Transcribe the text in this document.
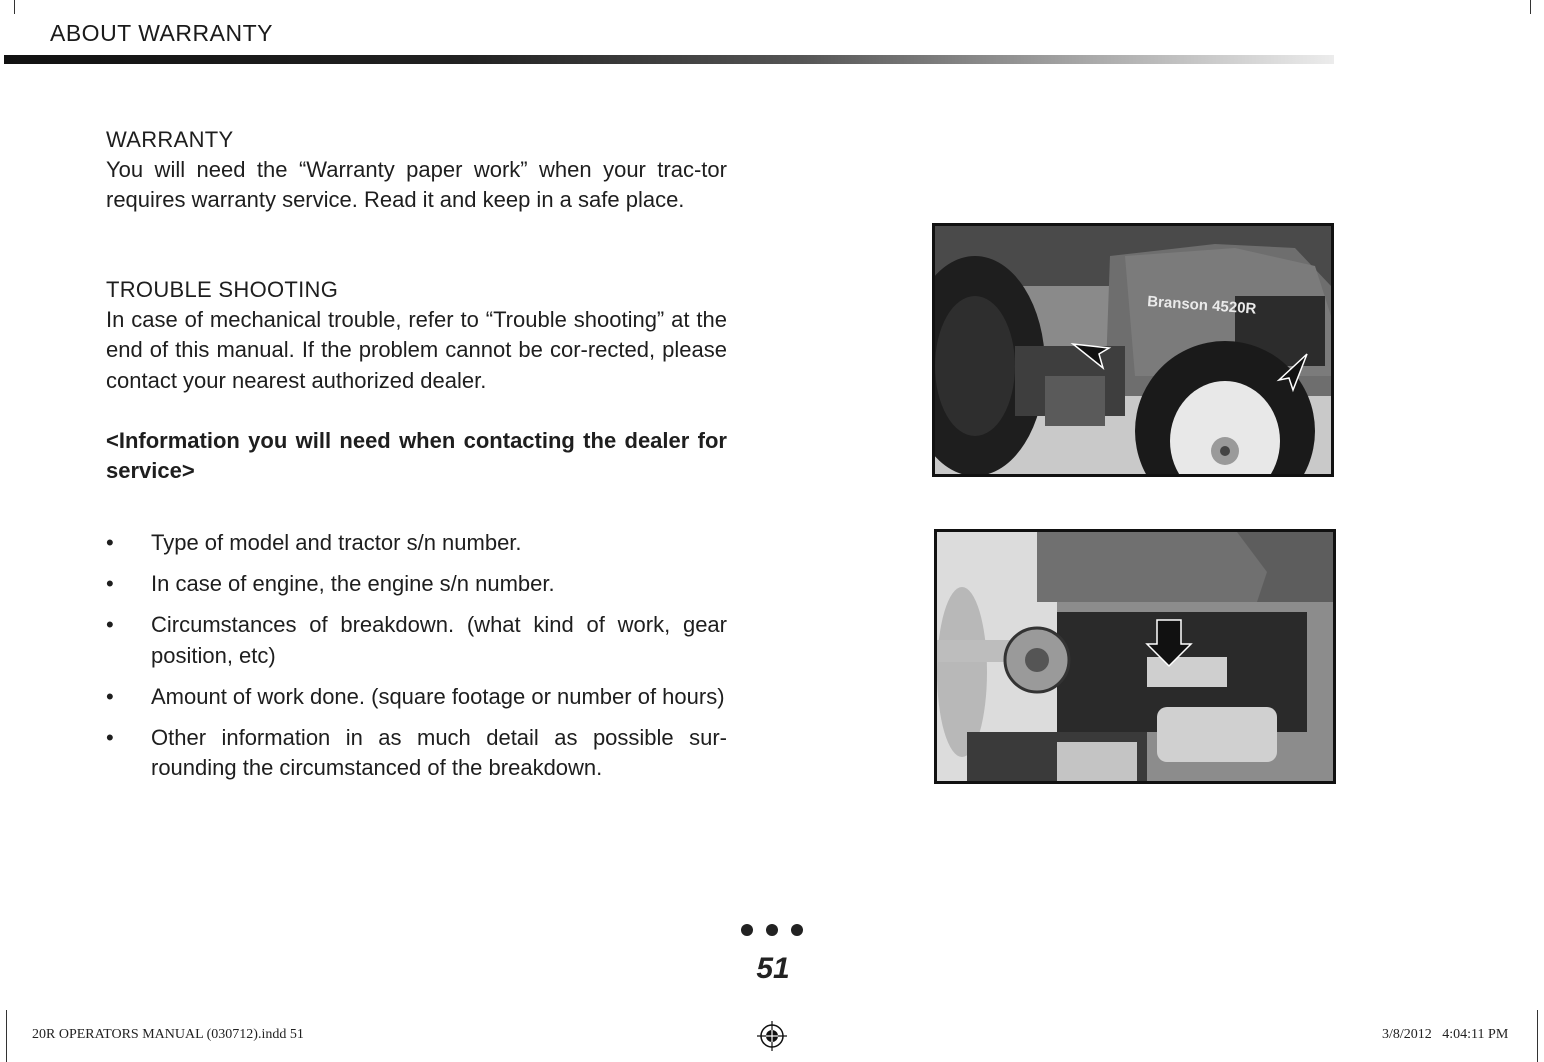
ABOUT WARRANTY
WARRANTY
You will need the “Warranty paper work” when your trac-tor requires warranty service. Read it and keep in a safe place.
TROUBLE SHOOTING
In case of mechanical trouble, refer to “Trouble shooting” at the end of this manual. If the problem cannot be cor-rected, please contact your nearest authorized dealer.
<Information you will need when contacting the dealer for service>
• Type of model and tractor s/n number.
• In case of engine, the engine s/n number.
• Circumstances of breakdown. (what kind of work, gear position, etc)
• Amount of work done. (square footage or number of hours)
• Other information in as much detail as possible sur-rounding the circumstanced of the breakdown.
Branson 4520R
51
20R OPERATORS MANUAL (030712).indd 51	3/8/2012   4:04:11 PM
